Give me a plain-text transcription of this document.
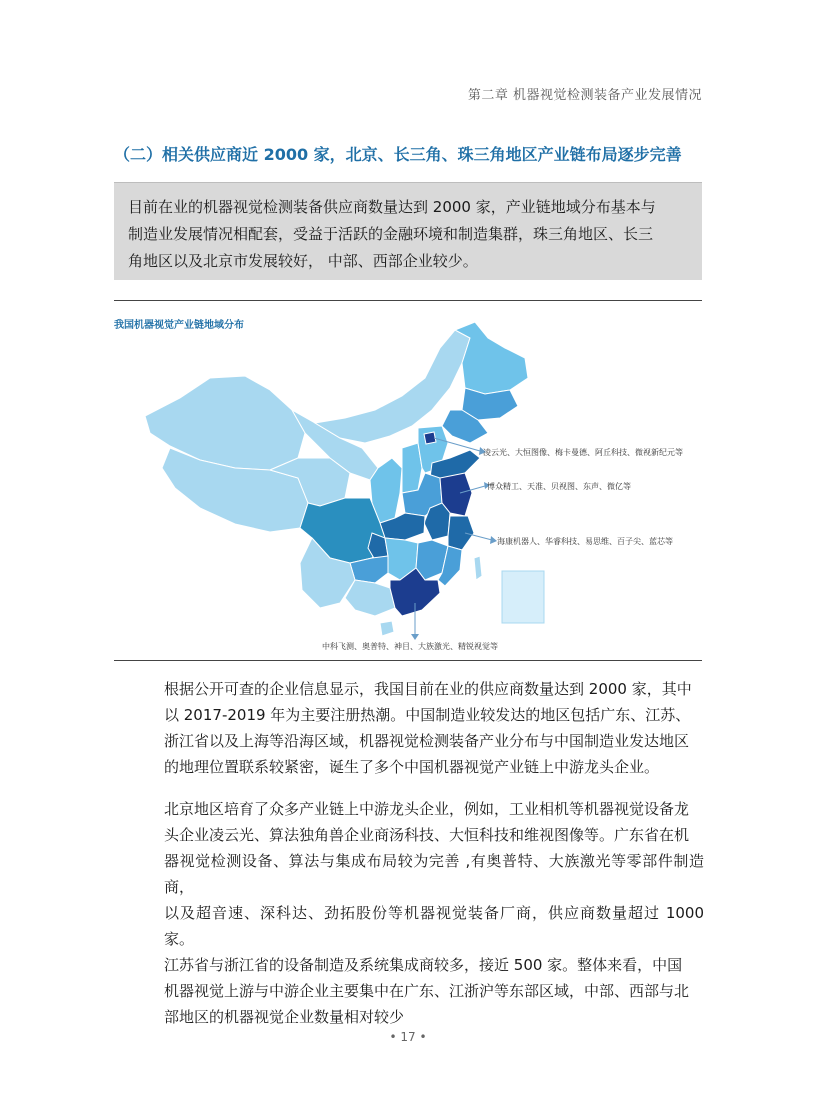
第二章 机器视觉检测装备产业发展情况
（二）相关供应商近 2000 家，北京、长三角、珠三角地区产业链布局逐步完善
目前在业的机器视觉检测装备供应商数量达到 2000 家，产业链地域分布基本与
制造业发展情况相配套，受益于活跃的金融环境和制造集群，珠三角地区、长三
角地区以及北京市发展较好， 中部、西部企业较少。
我国机器视觉产业链地域分布
凌云光、大恒图像、梅卡曼德、阿丘科技、微视新纪元等
博众精工、天准、贝视图、东声、微亿等
海康机器人、华睿科技、易思维、百子尖、蓝芯等
中科飞测、奥普特、神目、大族激光、精锐视觉等
根据公开可查的企业信息显示，我国目前在业的供应商数量达到 2000 家，其中
以 2017-2019 年为主要注册热潮。中国制造业较发达的地区包括广东、江苏、
浙江省以及上海等沿海区域，机器视觉检测装备产业分布与中国制造业发达地区
的地理位置联系较紧密，诞生了多个中国机器视觉产业链上中游龙头企业。
北京地区培育了众多产业链上中游龙头企业，例如，工业相机等机器视觉设备龙
头企业凌云光、算法独角兽企业商汤科技、大恒科技和维视图像等。广东省在机
器视觉检测设备、算法与集成布局较为完善 ,有奥普特、大族激光等零部件制造商，
以及超音速、深科达、劲拓股份等机器视觉装备厂商，供应商数量超过 1000 家。
江苏省与浙江省的设备制造及系统集成商较多，接近 500 家。整体来看，中国
机器视觉上游与中游企业主要集中在广东、江浙沪等东部区域，中部、西部与北
部地区的机器视觉企业数量相对较少
• 17 •
